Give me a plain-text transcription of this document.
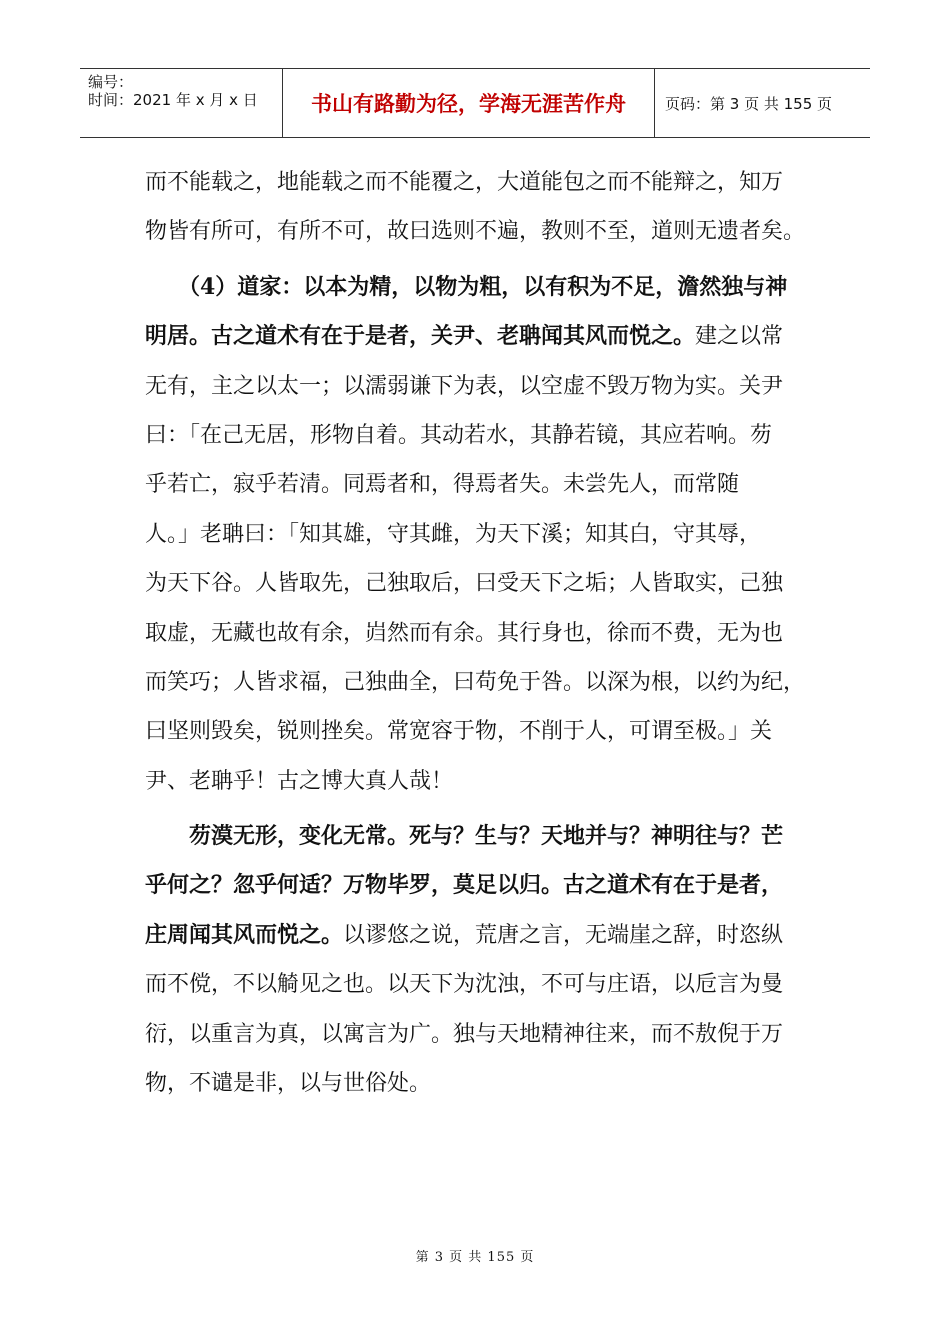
编号：
时间：2021 年 x 月 x 日	书山有路勤为径，学海无涯苦作舟	页码：第 3 页 共 155 页
而不能载之，地能载之而不能覆之，大道能包之而不能辩之，知万
物皆有所可，有所不可，故曰选则不遍，教则不至，道则无遗者矣。
　　（4）道家：以本为精，以物为粗，以有积为不足，澹然独与神
明居。古之道术有在于是者，关尹、老聃闻其风而悦之。建之以常
无有，主之以太一；以濡弱谦下为表，以空虚不毁万物为实。关尹
曰：「在己无居，形物自着。其动若水，其静若镜，其应若响。芴
乎若亡，寂乎若清。同焉者和，得焉者失。未尝先人，而常随
人。」老聃曰：「知其雄，守其雌，为天下溪；知其白，守其辱，
为天下谷。人皆取先，己独取后，曰受天下之垢；人皆取实，己独
取虚，无藏也故有余，岿然而有余。其行身也，徐而不费，无为也
而笑巧；人皆求福，己独曲全，曰苟免于咎。以深为根，以约为纪，
曰坚则毁矣，锐则挫矣。常宽容于物，不削于人，可谓至极。」关
尹、老聃乎！古之博大真人哉！
　　芴漠无形，变化无常。死与？生与？天地并与？神明往与？芒
乎何之？忽乎何适？万物毕罗，莫足以归。古之道术有在于是者，
庄周闻其风而悦之。以谬悠之说，荒唐之言，无端崖之辞，时恣纵
而不傥，不以觭见之也。以天下为沈浊，不可与庄语，以卮言为曼
衍，以重言为真，以寓言为广。独与天地精神往来，而不敖倪于万
物，不谴是非，以与世俗处。
第 3 页 共 155 页
